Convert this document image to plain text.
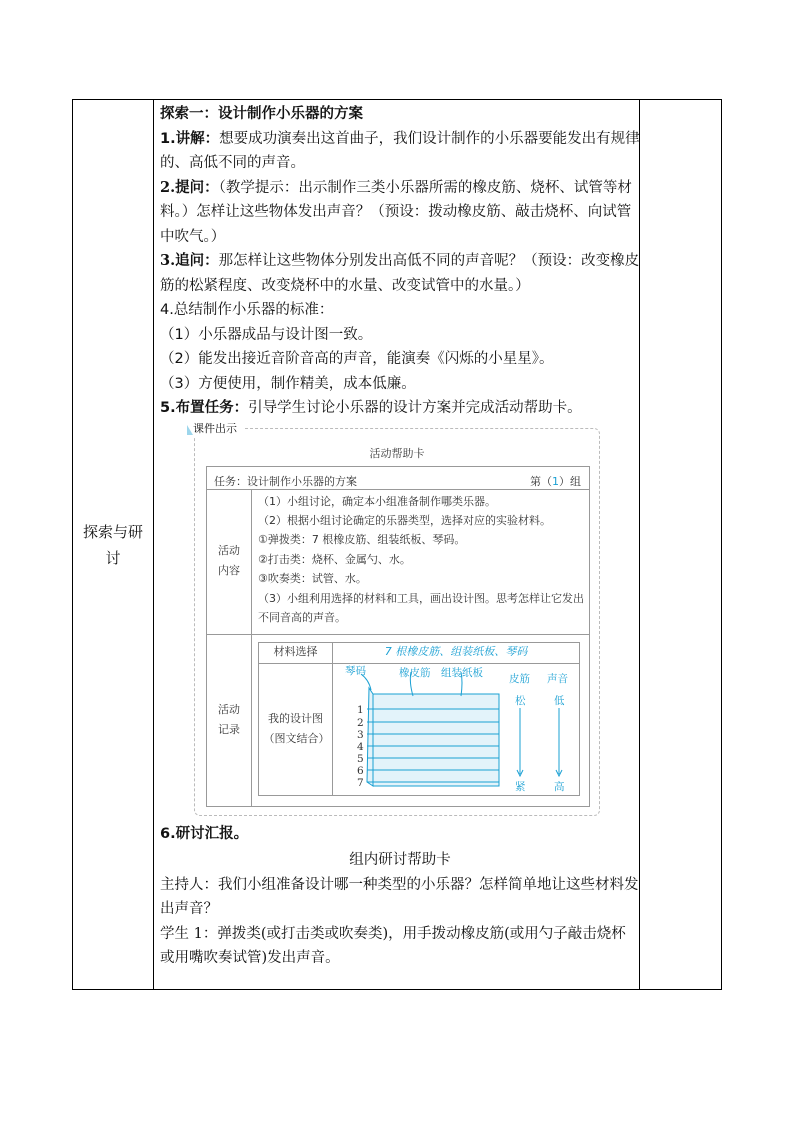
探索与研讨

探索一：设计制作小乐器的方案

1.讲解：想要成功演奏出这首曲子，我们设计制作的小乐器要能发出有规律的、高低不同的声音。

2.提问：（教学提示：出示制作三类小乐器所需的橡皮筋、烧杯、试管等材料。）怎样让这些物体发出声音？（预设：拨动橡皮筋、敲击烧杯、向试管中吹气。）

3.追问：那怎样让这些物体分别发出高低不同的声音呢？（预设：改变橡皮筋的松紧程度、改变烧杯中的水量、改变试管中的水量。）

4.总结制作小乐器的标准：

（1）小乐器成品与设计图一致。

（2）能发出接近音阶音高的声音，能演奏《闪烁的小星星》。

（3）方便使用，制作精美，成本低廉。

5.布置任务：引导学生讨论小乐器的设计方案并完成活动帮助卡。

课件出示
活动帮助卡
任务：设计制作小乐器的方案	第（1）组
活动内容
（1）小组讨论，确定本小组准备制作哪类乐器。
（2）根据小组讨论确定的乐器类型，选择对应的实验材料。
①弹拨类：7 根橡皮筋、组装纸板、琴码。
②打击类：烧杯、金属勺、水。
③吹奏类：试管、水。
（3）小组利用选择的材料和工具，画出设计图。思考怎样让它发出不同音高的声音。
活动记录
材料选择	7 根橡皮筋、组装纸板、琴码
我的设计图（图文结合）
琴码	橡皮筋 组装纸板 皮筋 声音
松
紧
低
高
1
2
3
4
5
6
7

6.研讨汇报。

组内研讨帮助卡

主持人：我们小组准备设计哪一种类型的小乐器？怎样简单地让这些材料发出声音？

学生 1：弹拨类(或打击类或吹奏类)，用手拨动橡皮筋(或用勺子敲击烧杯或用嘴吹奏试管)发出声音。
